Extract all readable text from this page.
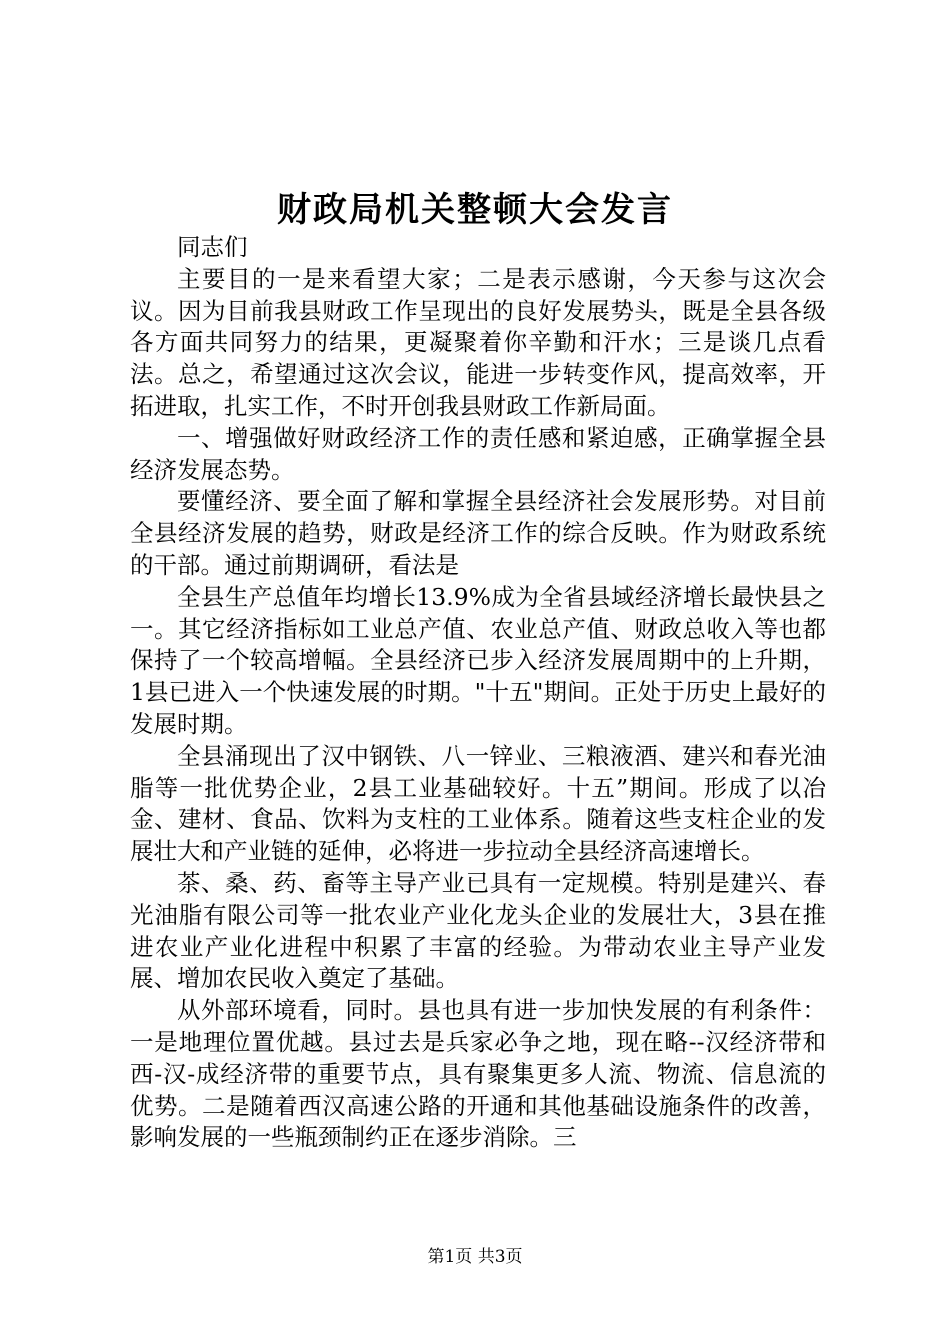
财政局机关整顿大会发言

同志们

主要目的一是来看望大家；二是表示感谢，今天参与这次会议。因为目前我县财政工作呈现出的良好发展势头，既是全县各级各方面共同努力的结果，更凝聚着你辛勤和汗水；三是谈几点看法。总之，希望通过这次会议，能进一步转变作风，提高效率，开拓进取，扎实工作，不时开创我县财政工作新局面。

一、增强做好财政经济工作的责任感和紧迫感，正确掌握全县经济发展态势。

要懂经济、要全面了解和掌握全县经济社会发展形势。对目前全县经济发展的趋势，财政是经济工作的综合反映。作为财政系统的干部。通过前期调研，看法是

全县生产总值年均增长13.9%成为全省县域经济增长最快县之一。其它经济指标如工业总产值、农业总产值、财政总收入等也都保持了一个较高增幅。全县经济已步入经济发展周期中的上升期，1县已进入一个快速发展的时期。"十五"期间。正处于历史上最好的发展时期。

全县涌现出了汉中钢铁、八一锌业、三粮液酒、建兴和春光油脂等一批优势企业，2县工业基础较好。十五”期间。形成了以冶金、建材、食品、饮料为支柱的工业体系。随着这些支柱企业的发展壮大和产业链的延伸，必将进一步拉动全县经济高速增长。

茶、桑、药、畜等主导产业已具有一定规模。特别是建兴、春光油脂有限公司等一批农业产业化龙头企业的发展壮大，3县在推进农业产业化进程中积累了丰富的经验。为带动农业主导产业发展、增加农民收入奠定了基础。

从外部环境看，同时。县也具有进一步加快发展的有利条件：一是地理位置优越。县过去是兵家必争之地，现在略--汉经济带和西-汉-成经济带的重要节点，具有聚集更多人流、物流、信息流的优势。二是随着西汉高速公路的开通和其他基础设施条件的改善，影响发展的一些瓶颈制约正在逐步消除。三

第1页 共3页
